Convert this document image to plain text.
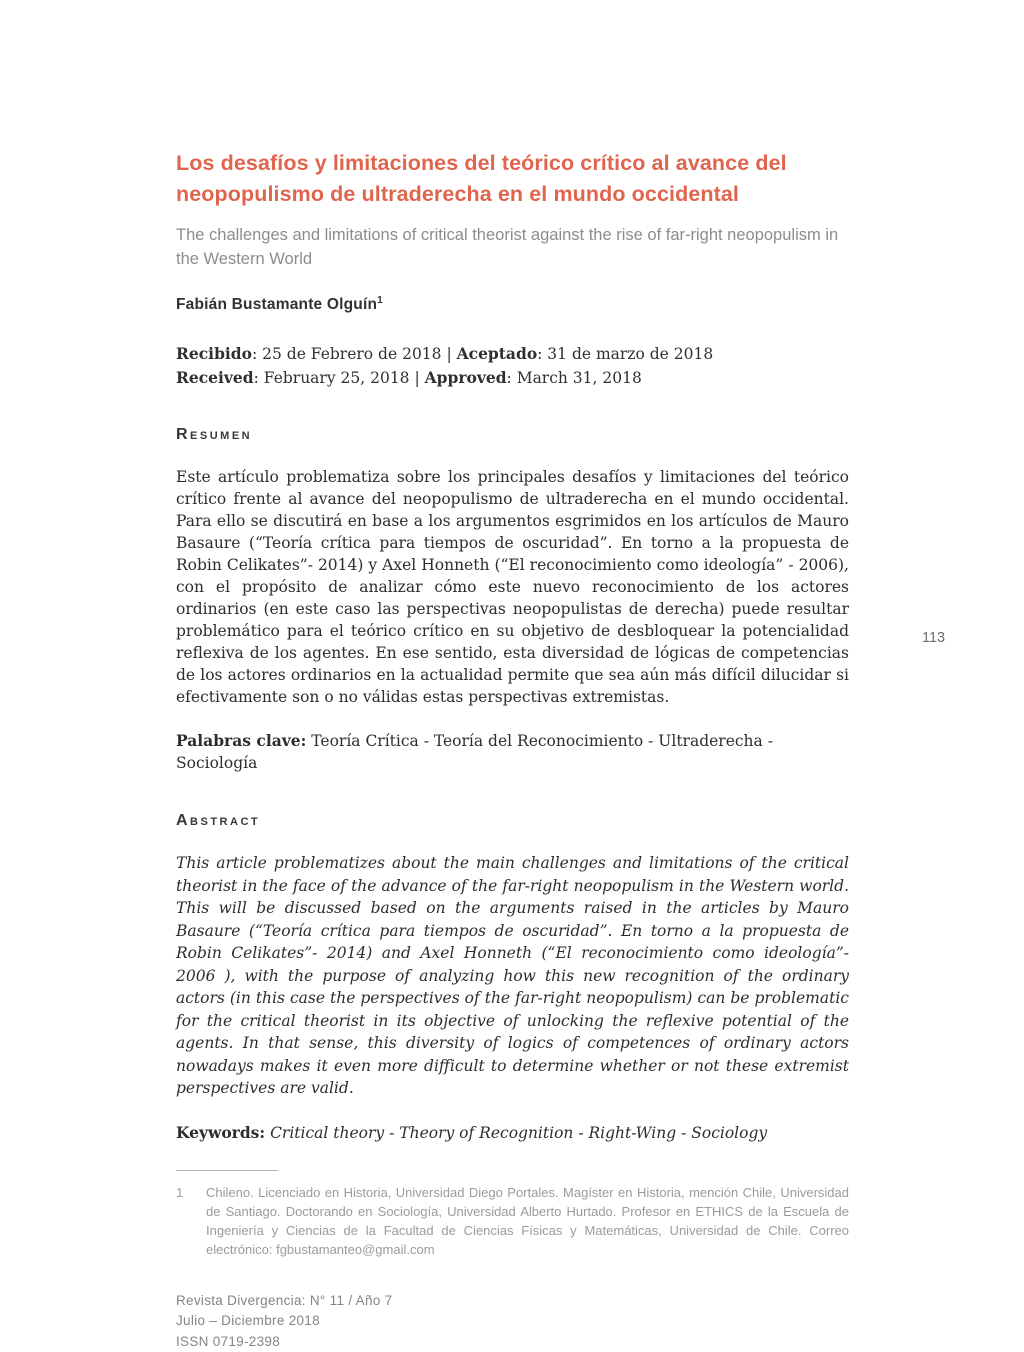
Los desafíos y limitaciones del teórico crítico al avance del neopopulismo de ultraderecha en el mundo occidental
The challenges and limitations of critical theorist against the rise of far-right neopopulism in the Western World
Fabián Bustamante Olguín$^1$
Recibido: 25 de Febrero de 2018 | Aceptado: 31 de marzo de 2018
Received: February 25, 2018 | Approved: March 31, 2018
Resumen

Este artículo problematiza sobre los principales desafíos y limitaciones del teórico crítico frente al avance del neopopulismo de ultraderecha en el mundo occidental. Para ello se discutirá en base a los argumentos esgrimidos en los artículos de Mauro Basaure (“Teoría crítica para tiempos de oscuridad”. En torno a la propuesta de Robin Celikates”- 2014) y Axel Honneth (“El reconocimiento como ideología” - 2006), con el propósito de analizar cómo este nuevo reconocimiento de los actores ordinarios (en este caso las perspectivas neopopulistas de derecha) puede resultar problemático para el teórico crítico en su objetivo de desbloquear la potencialidad reflexiva de los agentes. En ese sentido, esta diversidad de lógicas de competencias de los actores ordinarios en la actualidad permite que sea aún más difícil dilucidar si efectivamente son o no válidas estas perspectivas extremistas.

Palabras clave: Teoría Crítica - Teoría del Reconocimiento - Ultraderecha - Sociología
Abstract

This article problematizes about the main challenges and limitations of the critical theorist in the face of the advance of the far-right neopopulism in the Western world. This will be discussed based on the arguments raised in the articles by Mauro Basaure (“Teoría crítica para tiempos de oscuridad”. En torno a la propuesta de Robin Celikates”- 2014) and Axel Honneth (“El reconocimiento como ideología”- 2006 ), with the purpose of analyzing how this new recognition of the ordinary actors (in this case the perspectives of the far-right neopopulism) can be problematic for the critical theorist in its objective of unlocking the reflexive potential of the agents. In that sense, this diversity of logics of competences of ordinary actors nowadays makes it even more difficult to determine whether or not these extremist perspectives are valid.

Keywords: Critical theory - Theory of Recognition - Right-Wing - Sociology
1	Chileno. Licenciado en Historia, Universidad Diego Portales. Magíster en Historia, mención Chile, Universidad de Santiago. Doctorando en Sociología, Universidad Alberto Hurtado. Profesor en ETHICS de la Escuela de Ingeniería y Ciencias de la Facultad de Ciencias Físicas y Matemáticas, Universidad de Chile. Correo electrónico: fgbustamanteo@gmail.com
Revista Divergencia: N° 11 / Año 7
Julio – Diciembre 2018
ISSN 0719-2398
113
